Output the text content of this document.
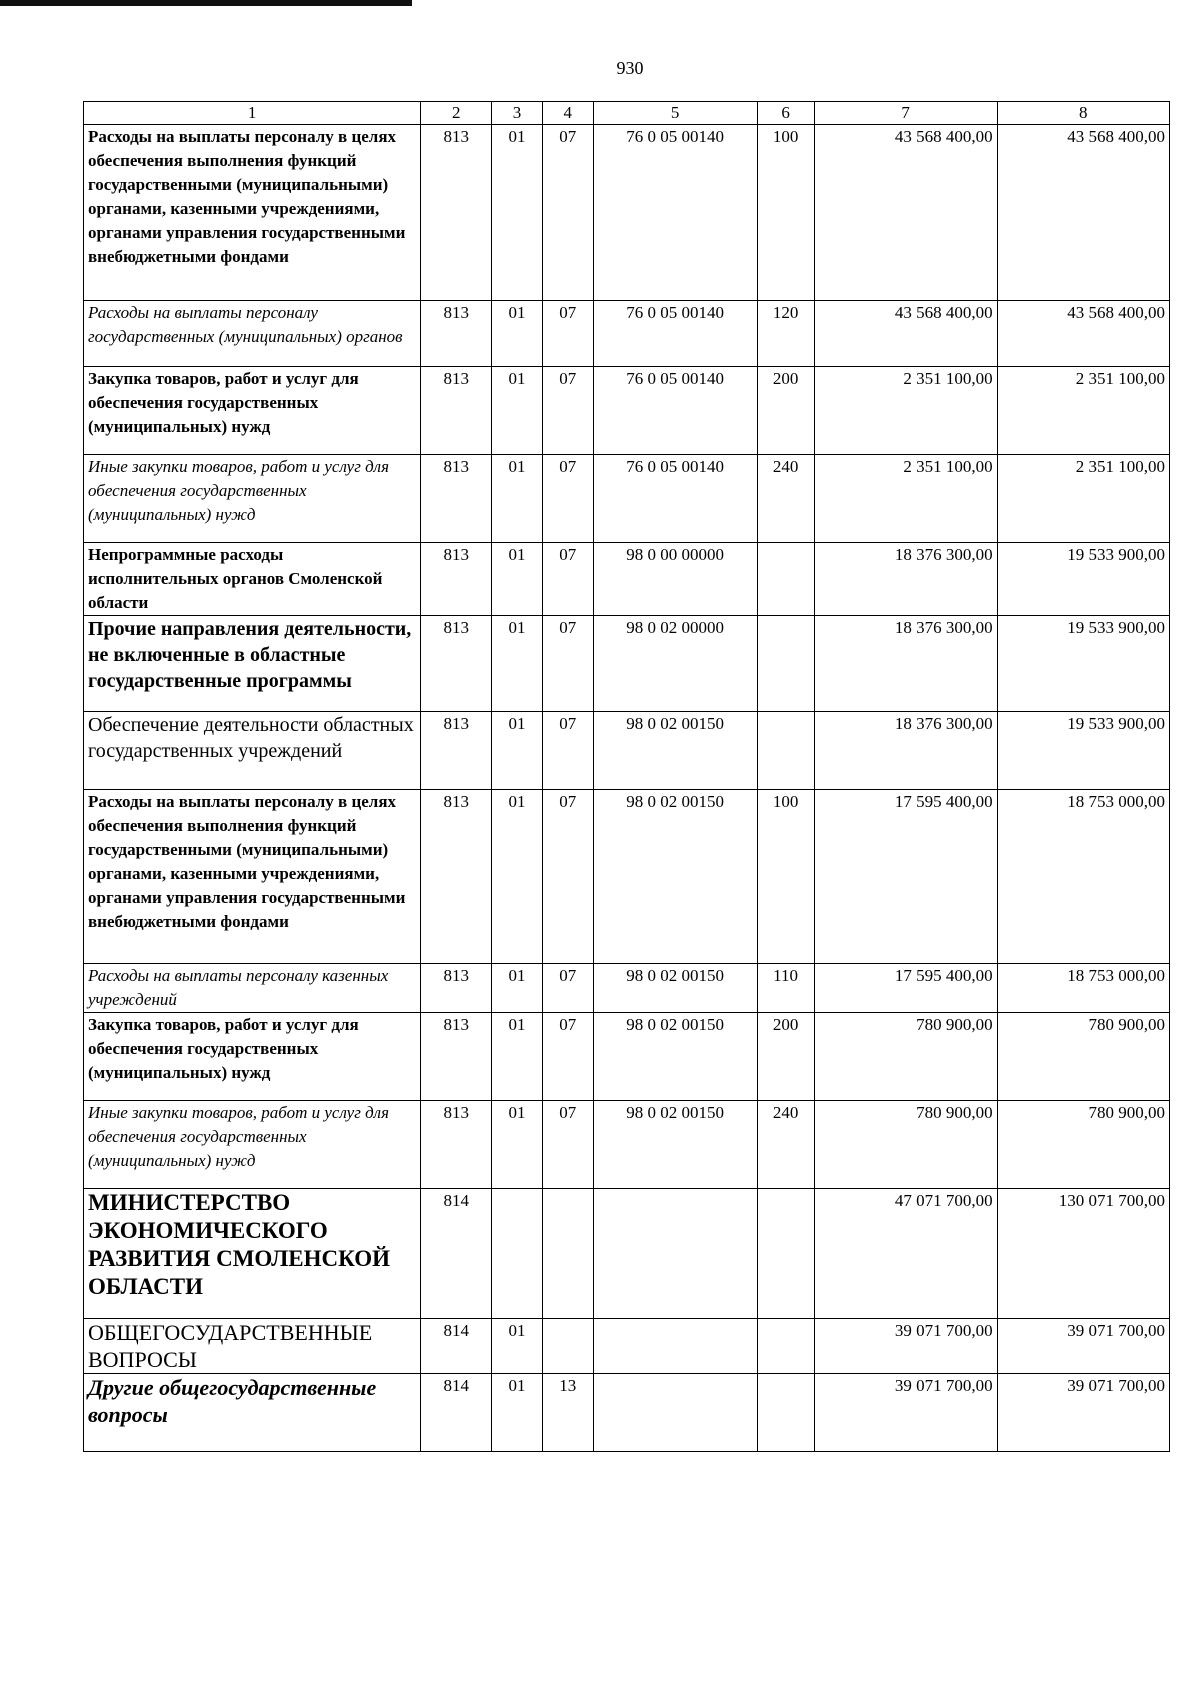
930
1	2	3	4	5	6	7	8
Расходы на выплаты персоналу в целях обеспечения выполнения функций государственными (муниципальными) органами, казенными учреждениями, органами управления государственными внебюджетными фондами	813	01	07	76 0 05 00140	100	43 568 400,00	43 568 400,00
Расходы на выплаты персоналу государственных (муниципальных) органов	813	01	07	76 0 05 00140	120	43 568 400,00	43 568 400,00
Закупка товаров, работ и услуг для обеспечения государственных (муниципальных) нужд	813	01	07	76 0 05 00140	200	2 351 100,00	2 351 100,00
Иные закупки товаров, работ и услуг для обеспечения государственных (муниципальных) нужд	813	01	07	76 0 05 00140	240	2 351 100,00	2 351 100,00
Непрограммные расходы исполнительных органов Смоленской области	813	01	07	98 0 00 00000		18 376 300,00	19 533 900,00
Прочие направления деятельности, не включенные в областные государственные программы	813	01	07	98 0 02 00000		18 376 300,00	19 533 900,00
Обеспечение деятельности областных государственных учреждений	813	01	07	98 0 02 00150		18 376 300,00	19 533 900,00
Расходы на выплаты персоналу в целях обеспечения выполнения функций государственными (муниципальными) органами, казенными учреждениями, органами управления государственными внебюджетными фондами	813	01	07	98 0 02 00150	100	17 595 400,00	18 753 000,00
Расходы на выплаты персоналу казенных учреждений	813	01	07	98 0 02 00150	110	17 595 400,00	18 753 000,00
Закупка товаров, работ и услуг для обеспечения государственных (муниципальных) нужд	813	01	07	98 0 02 00150	200	780 900,00	780 900,00
Иные закупки товаров, работ и услуг для обеспечения государственных (муниципальных) нужд	813	01	07	98 0 02 00150	240	780 900,00	780 900,00
МИНИСТЕРСТВО ЭКОНОМИЧЕСКОГО РАЗВИТИЯ СМОЛЕНСКОЙ ОБЛАСТИ	814					47 071 700,00	130 071 700,00
ОБЩЕГОСУДАРСТВЕННЫЕ ВОПРОСЫ	814	01				39 071 700,00	39 071 700,00
Другие общегосударственные вопросы	814	01	13			39 071 700,00	39 071 700,00
